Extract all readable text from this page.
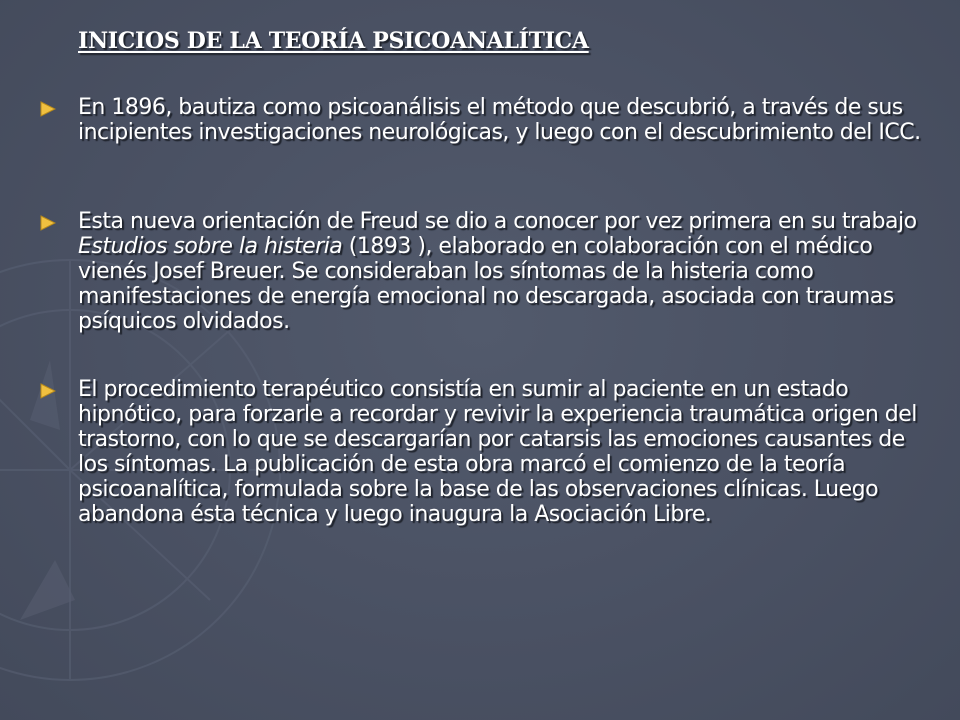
INICIOS DE LA TEORÍA PSICOANALÍTICA
En 1896, bautiza como psicoanálisis el método que descubrió, a través de sus incipientes investigaciones neurológicas, y luego con el descubrimiento del ICC.
Esta nueva orientación de Freud se dio a conocer por vez primera en su trabajo Estudios sobre la histeria (1893 ), elaborado en colaboración con el médico vienés Josef Breuer. Se consideraban los síntomas de la histeria como manifestaciones de energía emocional no descargada, asociada con traumas psíquicos olvidados.
El procedimiento terapéutico consistía en sumir al paciente en un estado hipnótico, para forzarle a recordar y revivir la experiencia traumática origen del trastorno, con lo que se descargarían por catarsis las emociones causantes de los síntomas. La publicación de esta obra marcó el comienzo de la teoría psicoanalítica, formulada sobre la base de las observaciones clínicas. Luego abandona ésta técnica y luego inaugura la Asociación Libre.
